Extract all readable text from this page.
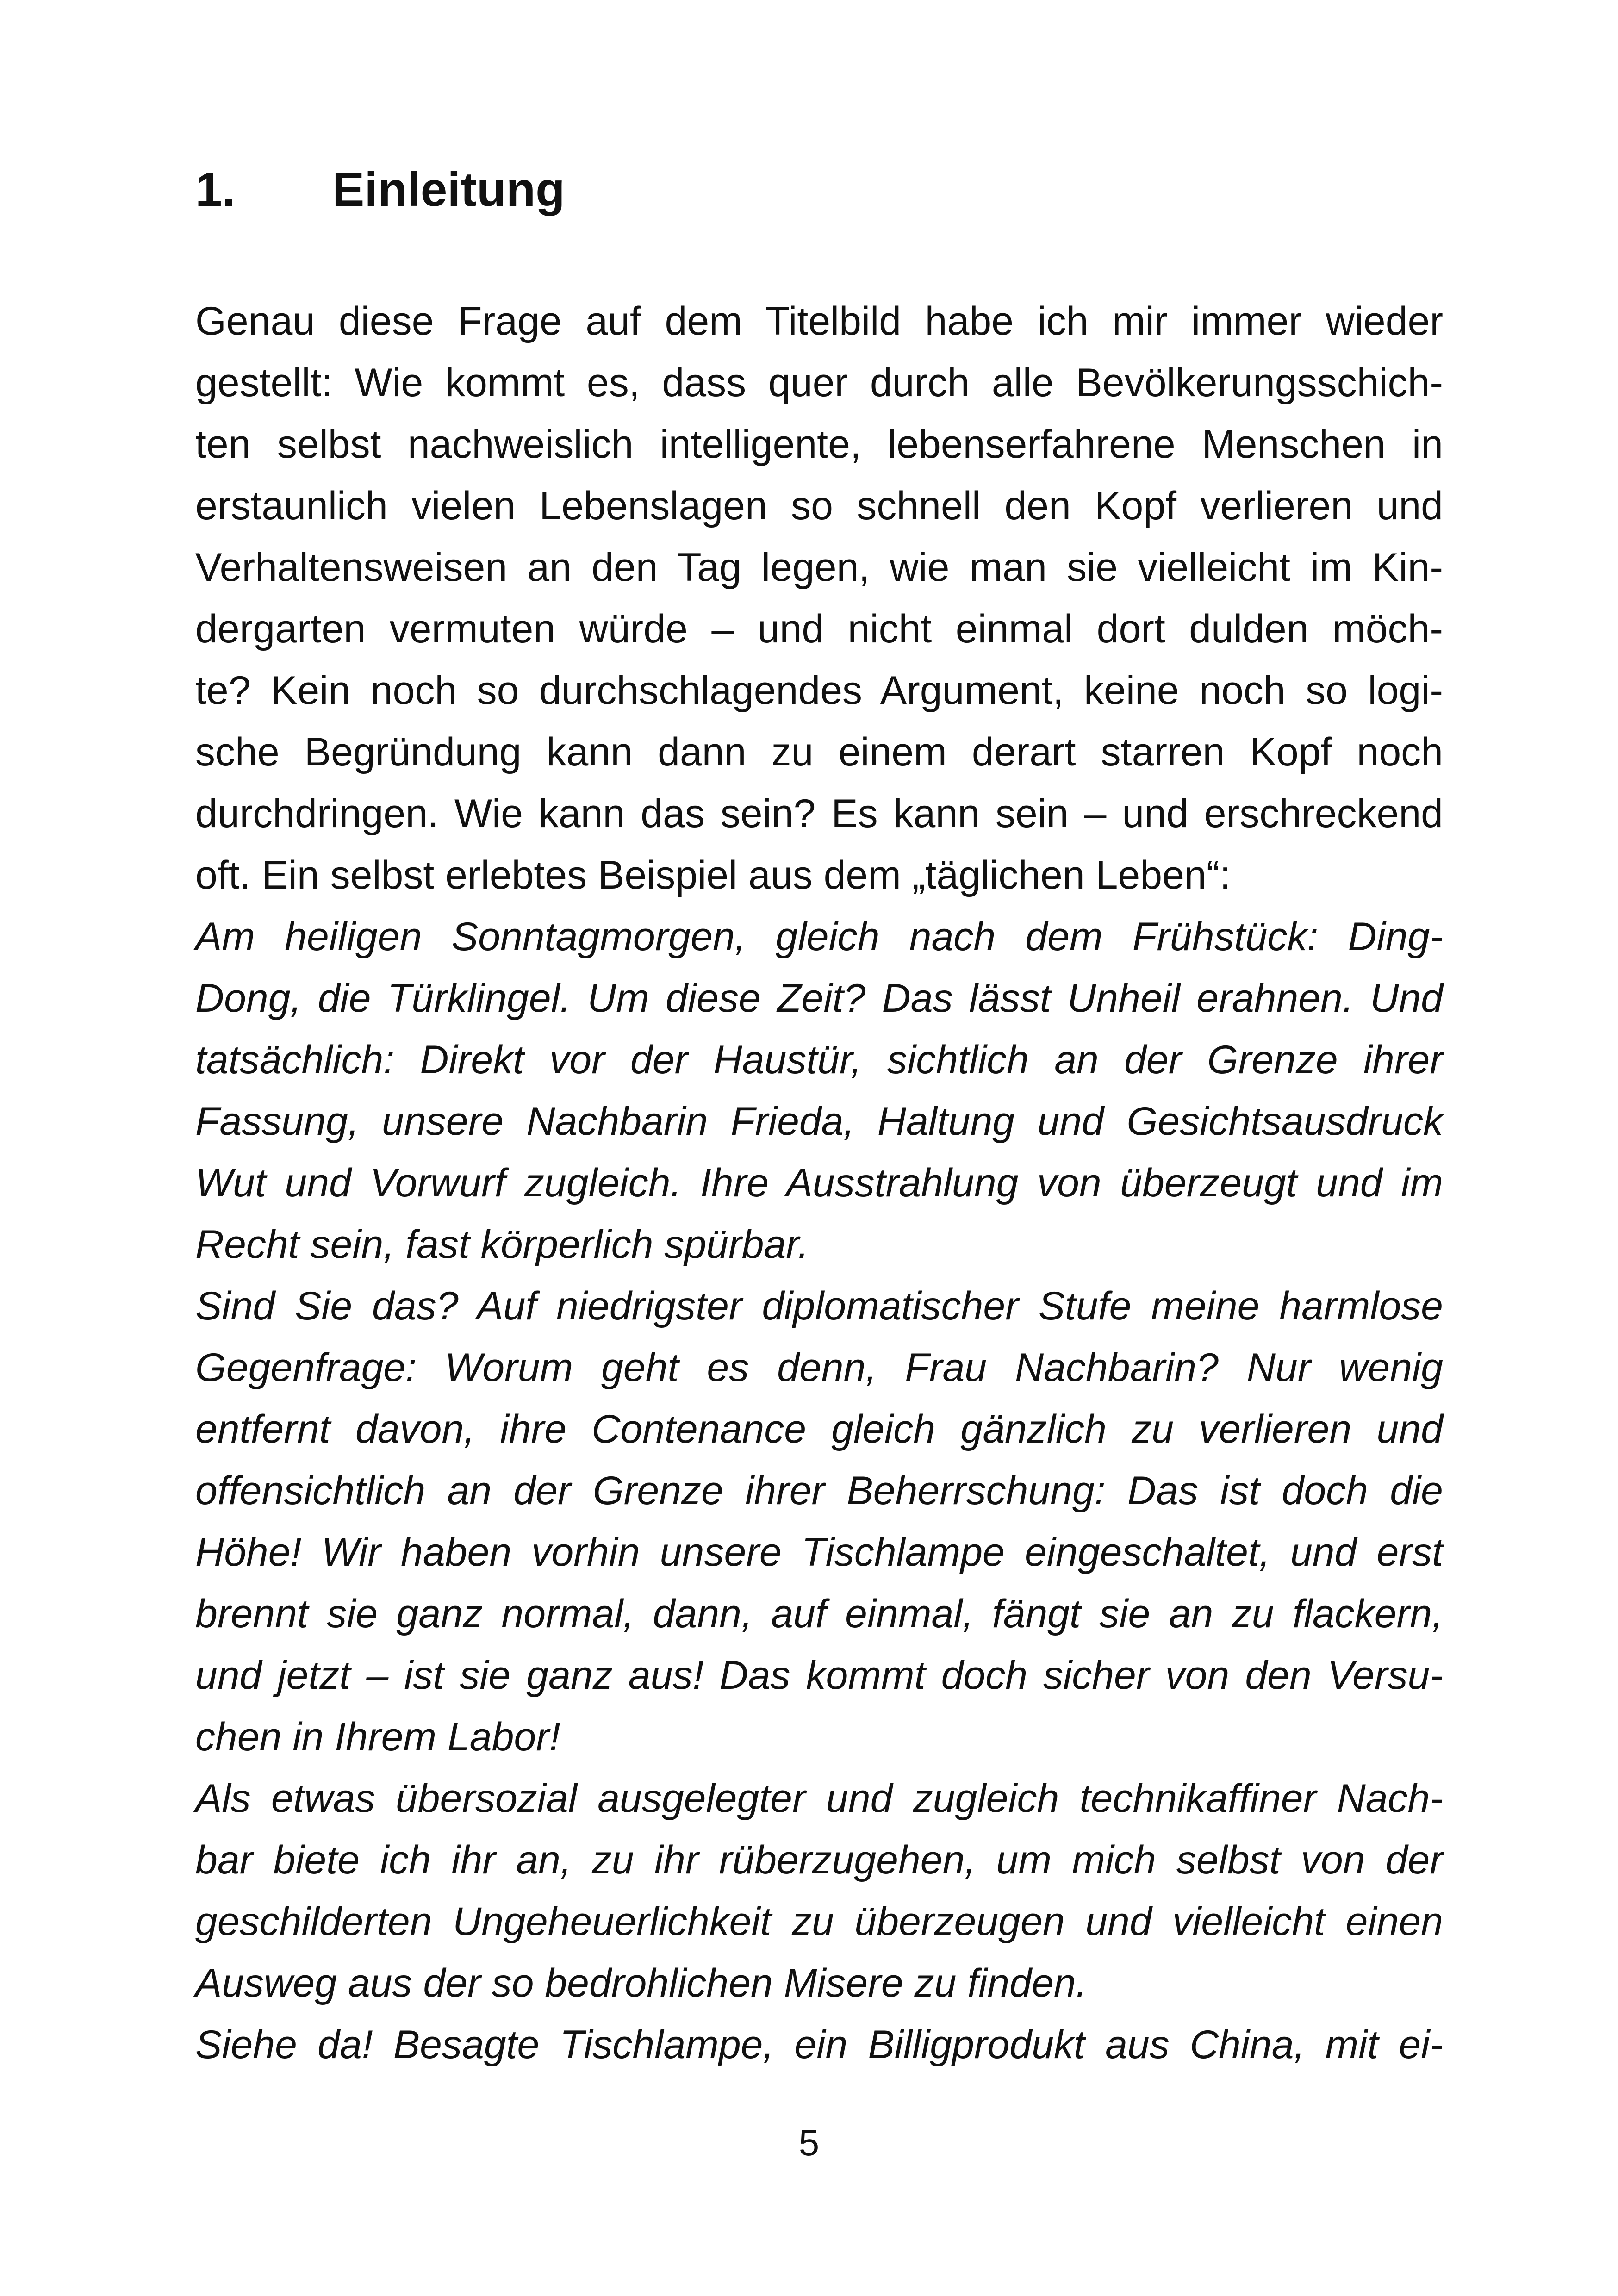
1. Einleitung
Genau diese Frage auf dem Titelbild habe ich mir immer wieder
gestellt: Wie kommt es, dass quer durch alle Bevölkerungsschich-
ten selbst nachweislich intelligente, lebenserfahrene Menschen in
erstaunlich vielen Lebenslagen so schnell den Kopf verlieren und
Verhaltensweisen an den Tag legen, wie man sie vielleicht im Kin-
dergarten vermuten würde – und nicht einmal dort dulden möch-
te? Kein noch so durchschlagendes Argument, keine noch so logi-
sche Begründung kann dann zu einem derart starren Kopf noch
durchdringen. Wie kann das sein? Es kann sein – und erschreckend
oft. Ein selbst erlebtes Beispiel aus dem „täglichen Leben“:
Am heiligen Sonntagmorgen, gleich nach dem Frühstück: Ding-
Dong, die Türklingel. Um diese Zeit? Das lässt Unheil erahnen. Und
tatsächlich: Direkt vor der Haustür, sichtlich an der Grenze ihrer
Fassung, unsere Nachbarin Frieda, Haltung und Gesichtsausdruck
Wut und Vorwurf zugleich. Ihre Ausstrahlung von überzeugt und im
Recht sein, fast körperlich spürbar.
Sind Sie das? Auf niedrigster diplomatischer Stufe meine harmlose
Gegenfrage: Worum geht es denn, Frau Nachbarin? Nur wenig
entfernt davon, ihre Contenance gleich gänzlich zu verlieren und
offensichtlich an der Grenze ihrer Beherrschung: Das ist doch die
Höhe! Wir haben vorhin unsere Tischlampe eingeschaltet, und erst
brennt sie ganz normal, dann, auf einmal, fängt sie an zu flackern,
und jetzt – ist sie ganz aus! Das kommt doch sicher von den Versu-
chen in Ihrem Labor!
Als etwas übersozial ausgelegter und zugleich technikaffiner Nach-
bar biete ich ihr an, zu ihr rüberzugehen, um mich selbst von der
geschilderten Ungeheuerlichkeit zu überzeugen und vielleicht einen
Ausweg aus der so bedrohlichen Misere zu finden.
Siehe da! Besagte Tischlampe, ein Billigprodukt aus China, mit ei-
5
